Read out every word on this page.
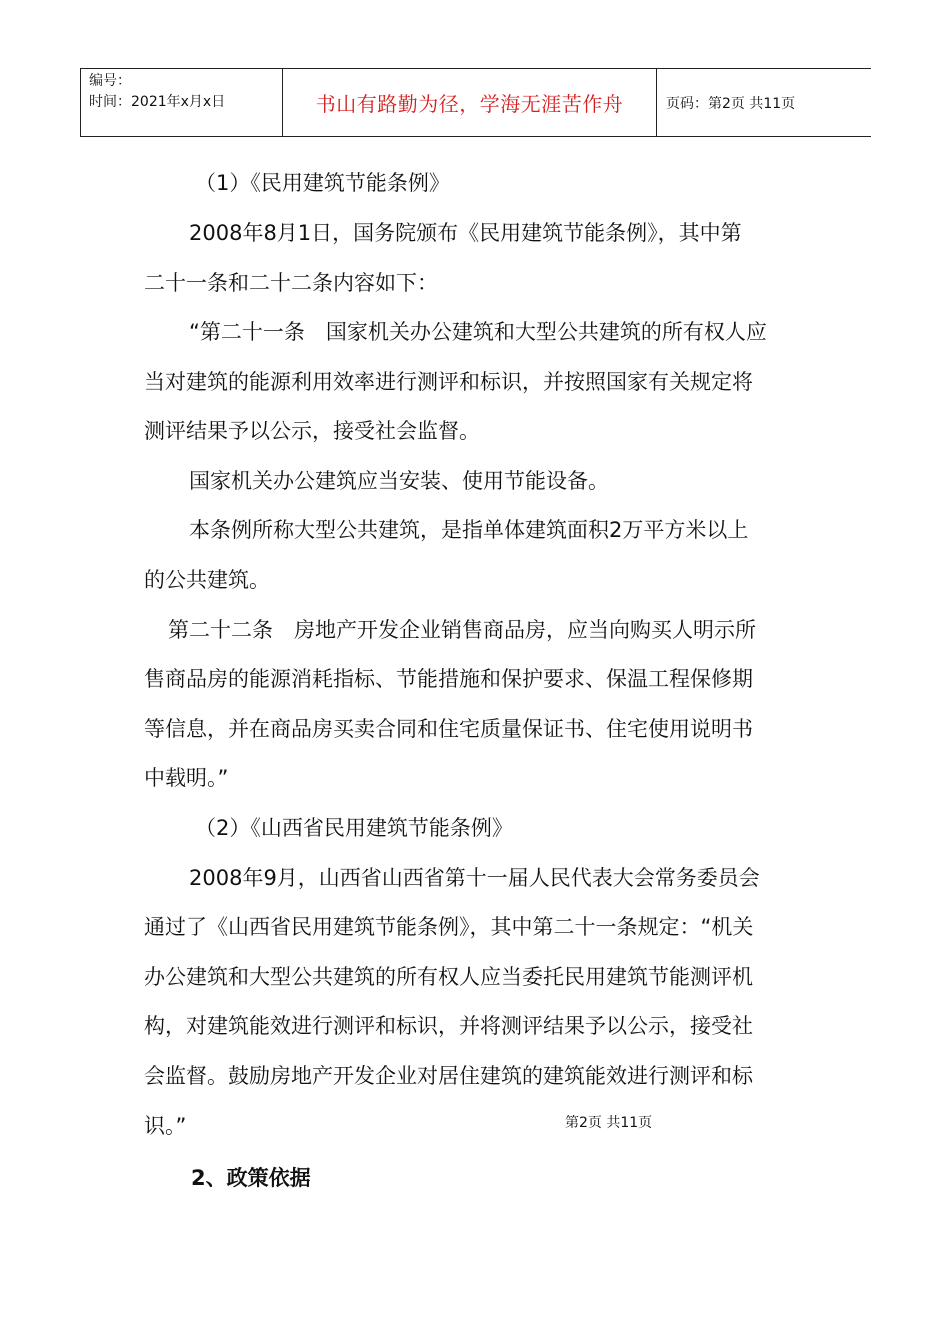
编号：
时间：2021年x月x日	书山有路勤为径，学海无涯苦作舟	页码：第2页 共11页
（1）《民用建筑节能条例》
2008年8月1日，国务院颁布《民用建筑节能条例》，其中第
二十一条和二十二条内容如下：
“第二十一条　国家机关办公建筑和大型公共建筑的所有权人应
当对建筑的能源利用效率进行测评和标识，并按照国家有关规定将
测评结果予以公示，接受社会监督。
国家机关办公建筑应当安装、使用节能设备。
本条例所称大型公共建筑，是指单体建筑面积2万平方米以上
的公共建筑。
第二十二条　房地产开发企业销售商品房，应当向购买人明示所
售商品房的能源消耗指标、节能措施和保护要求、保温工程保修期
等信息，并在商品房买卖合同和住宅质量保证书、住宅使用说明书
中载明。”
（2）《山西省民用建筑节能条例》
2008年9月，山西省山西省第十一届人民代表大会常务委员会
通过了《山西省民用建筑节能条例》，其中第二十一条规定：“机关
办公建筑和大型公共建筑的所有权人应当委托民用建筑节能测评机
构，对建筑能效进行测评和标识，并将测评结果予以公示，接受社
会监督。鼓励房地产开发企业对居住建筑的建筑能效进行测评和标
识。”	第2页 共11页
2、政策依据
